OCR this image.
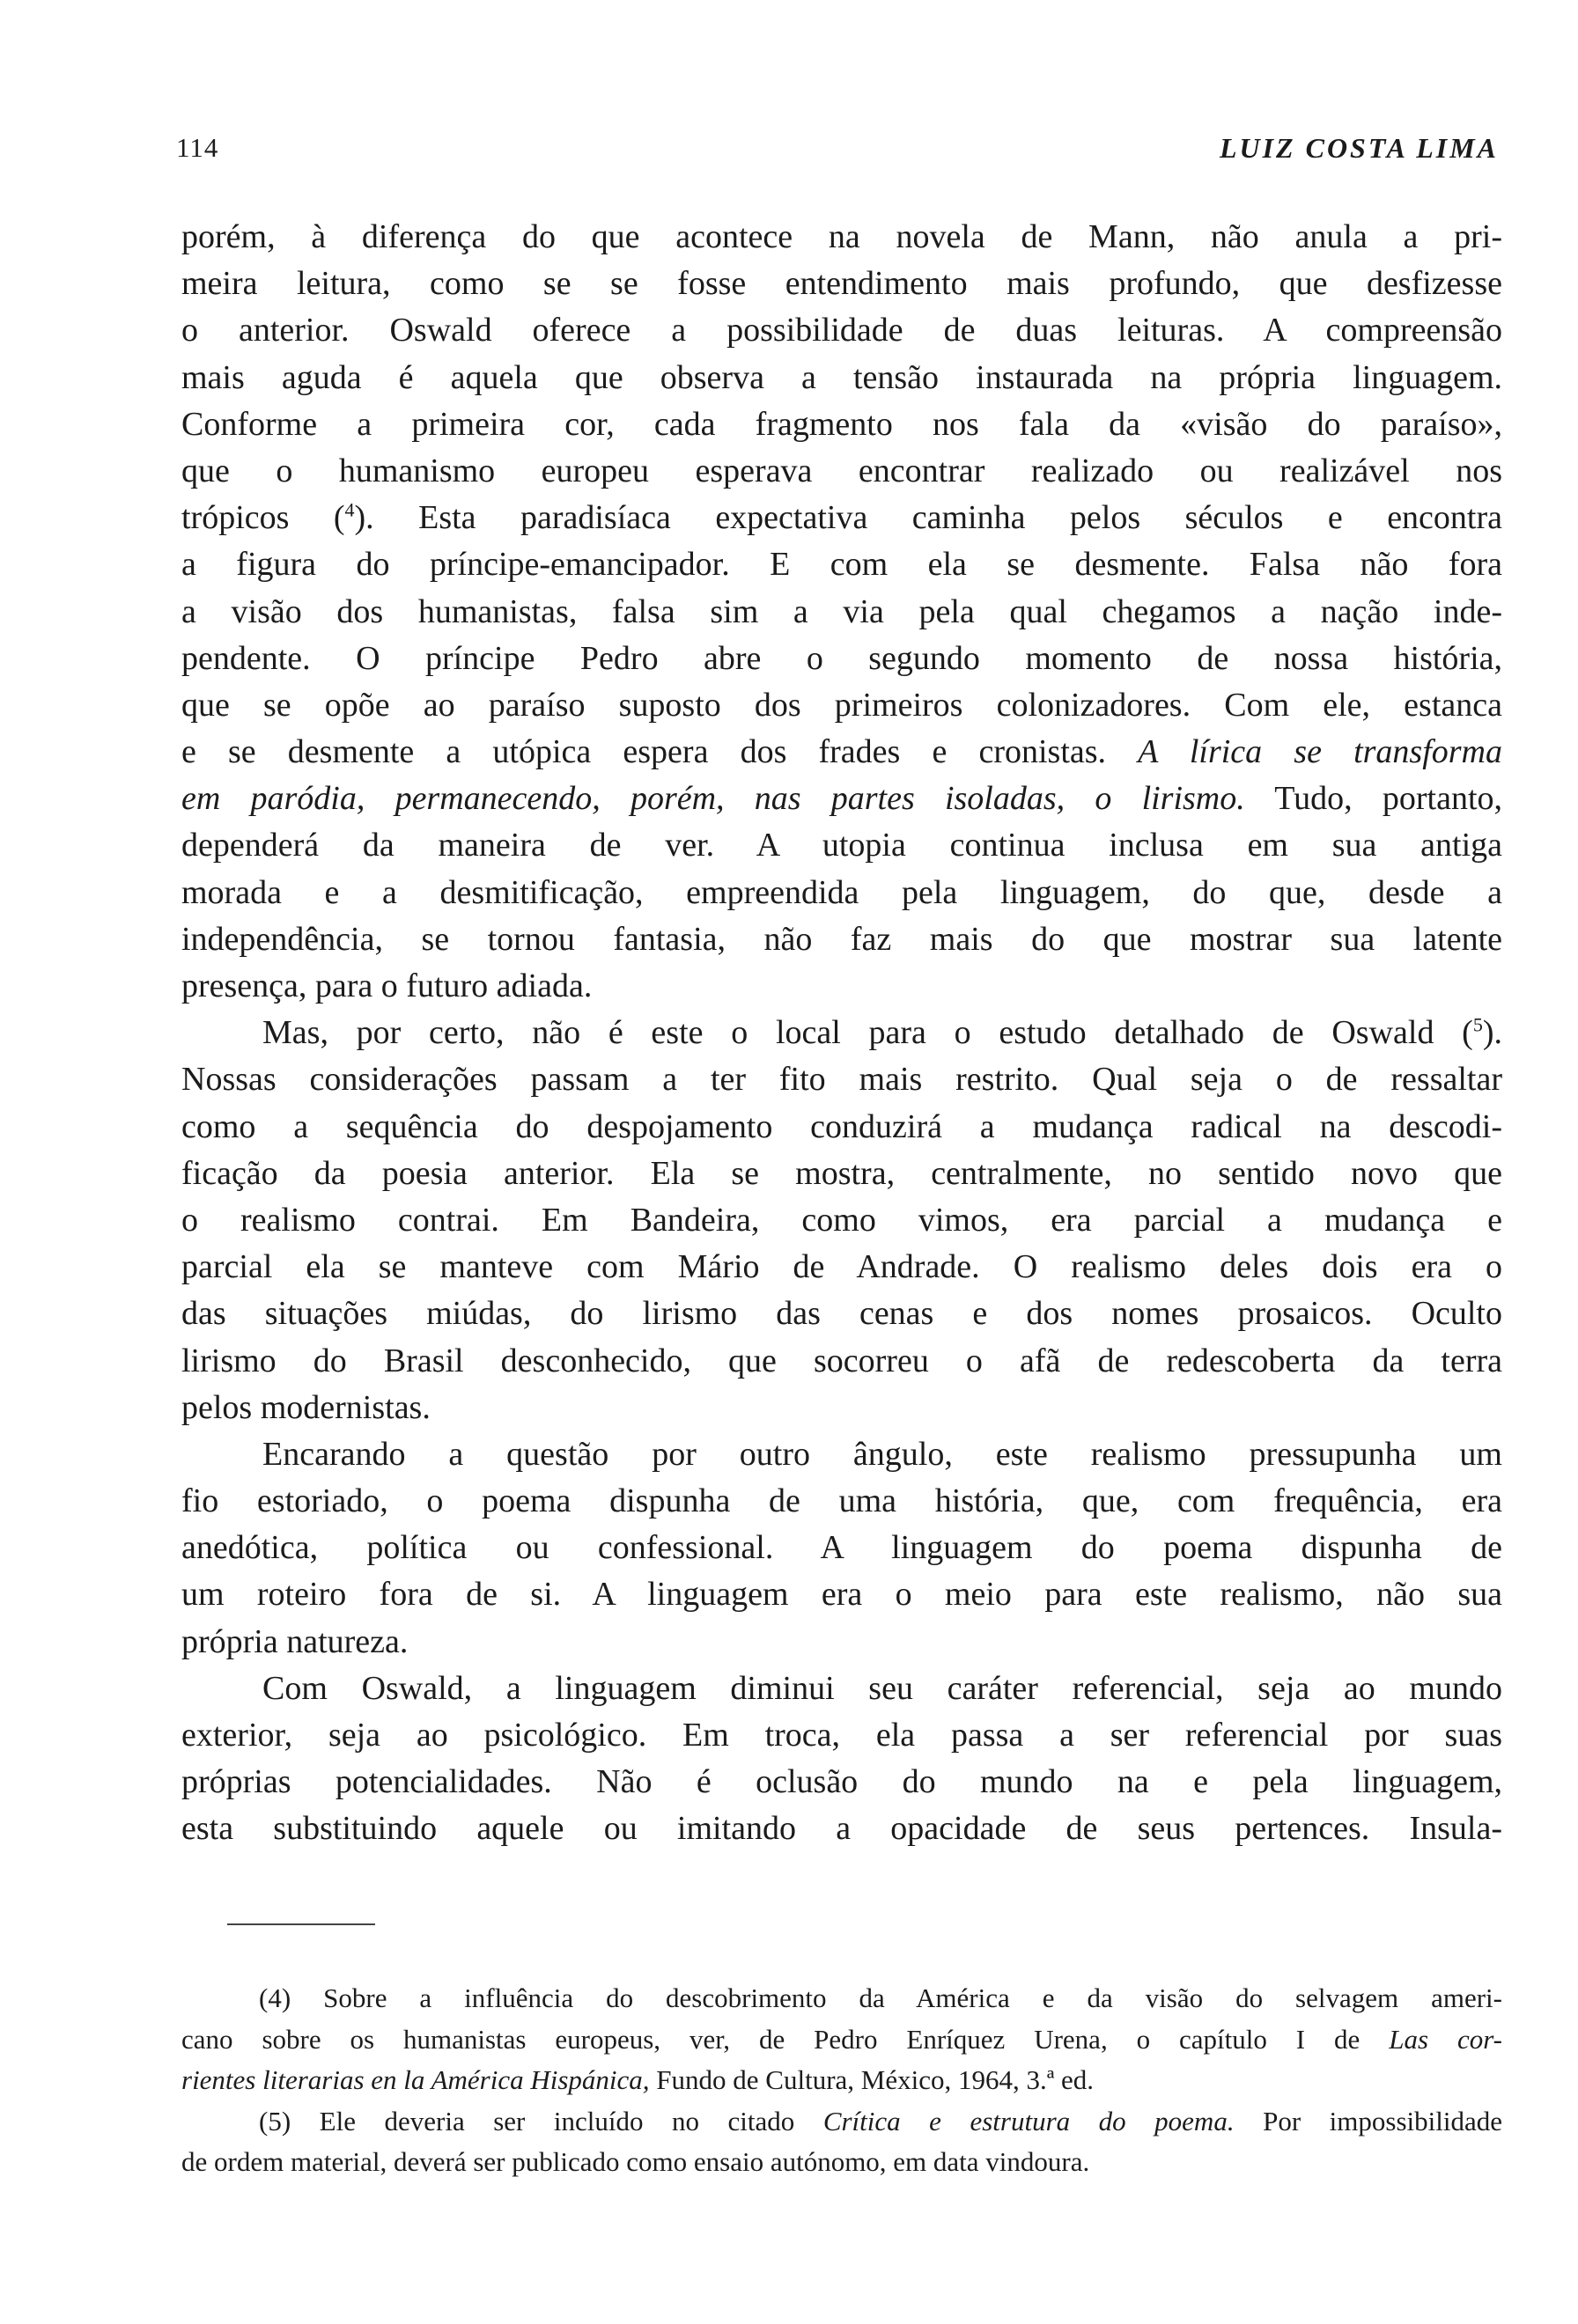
114	LUIZ COSTA LIMA
porém, à diferença do que acontece na novela de Mann, não anula a pri-
meira leitura, como se se fosse entendimento mais profundo, que desfizesse
o anterior. Oswald oferece a possibilidade de duas leituras. A compreensão
mais aguda é aquela que observa a tensão instaurada na própria linguagem.
Conforme a primeira cor, cada fragmento nos fala da «visão do paraíso»,
que o humanismo europeu esperava encontrar realizado ou realizável nos
trópicos ($^4$). Esta paradisíaca expectativa caminha pelos séculos e encontra
a figura do príncipe-emancipador. E com ela se desmente. Falsa não fora
a visão dos humanistas, falsa sim a via pela qual chegamos a nação inde-
pendente. O príncipe Pedro abre o segundo momento de nossa história,
que se opõe ao paraíso suposto dos primeiros colonizadores. Com ele, estanca
e se desmente a utópica espera dos frades e cronistas. A lírica se transforma
em paródia, permanecendo, porém, nas partes isoladas, o lirismo. Tudo, portanto,
dependerá da maneira de ver. A utopia continua inclusa em sua antiga
morada e a desmitificação, empreendida pela linguagem, do que, desde a
independência, se tornou fantasia, não faz mais do que mostrar sua latente
presença, para o futuro adiada.
Mas, por certo, não é este o local para o estudo detalhado de Oswald ($^5$).
Nossas considerações passam a ter fito mais restrito. Qual seja o de ressaltar
como a sequência do despojamento conduzirá a mudança radical na descodi-
ficação da poesia anterior. Ela se mostra, centralmente, no sentido novo que
o realismo contrai. Em Bandeira, como vimos, era parcial a mudança e
parcial ela se manteve com Mário de Andrade. O realismo deles dois era o
das situações miúdas, do lirismo das cenas e dos nomes prosaicos. Oculto
lirismo do Brasil desconhecido, que socorreu o afã de redescoberta da terra
pelos modernistas.
Encarando a questão por outro ângulo, este realismo pressupunha um
fio estoriado, o poema dispunha de uma história, que, com frequência, era
anedótica, política ou confessional. A linguagem do poema dispunha de
um roteiro fora de si. A linguagem era o meio para este realismo, não sua
própria natureza.
Com Oswald, a linguagem diminui seu caráter referencial, seja ao mundo
exterior, seja ao psicológico. Em troca, ela passa a ser referencial por suas
próprias potencialidades. Não é oclusão do mundo na e pela linguagem,
esta substituindo aquele ou imitando a opacidade de seus pertences. Insula-
(4) Sobre a influência do descobrimento da América e da visão do selvagem ameri-
cano sobre os humanistas europeus, ver, de Pedro Enríquez Urena, o capítulo I de Las cor-
rientes literarias en la América Hispánica, Fundo de Cultura, México, 1964, 3.ª ed.
(5) Ele deveria ser incluído no citado Crítica e estrutura do poema. Por impossibilidade
de ordem material, deverá ser publicado como ensaio autónomo, em data vindoura.
